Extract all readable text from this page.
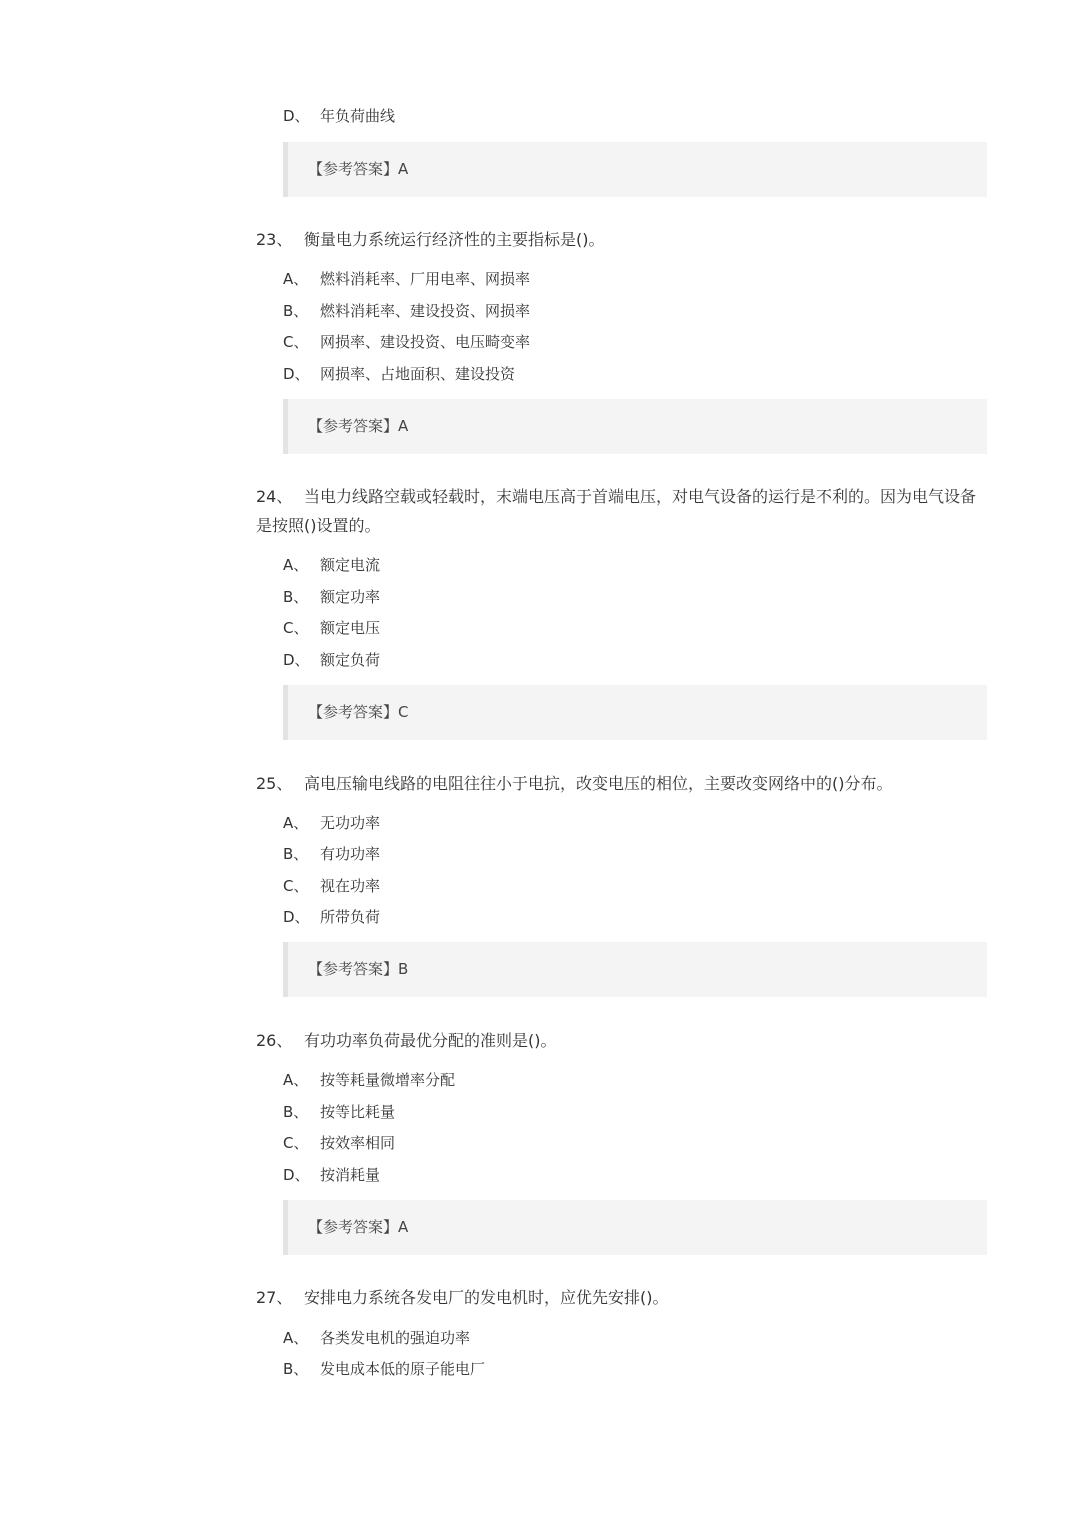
D、 年负荷曲线
【参考答案】A

23、 衡量电力系统运行经济性的主要指标是()。

A、 燃料消耗率、厂用电率、网损率
B、 燃料消耗率、建设投资、网损率
C、 网损率、建设投资、电压畸变率
D、 网损率、占地面积、建设投资
【参考答案】A

24、 当电力线路空载或轻载时，末端电压高于首端电压，对电气设备的运行是不利的。因为电气设备是按照()设置的。

A、 额定电流
B、 额定功率
C、 额定电压
D、 额定负荷
【参考答案】C

25、 高电压输电线路的电阻往往小于电抗，改变电压的相位，主要改变网络中的()分布。

A、 无功功率
B、 有功功率
C、 视在功率
D、 所带负荷
【参考答案】B

26、 有功功率负荷最优分配的准则是()。

A、 按等耗量微增率分配
B、 按等比耗量
C、 按效率相同
D、 按消耗量
【参考答案】A

27、 安排电力系统各发电厂的发电机时，应优先安排()。

A、 各类发电机的强迫功率
B、 发电成本低的原子能电厂
